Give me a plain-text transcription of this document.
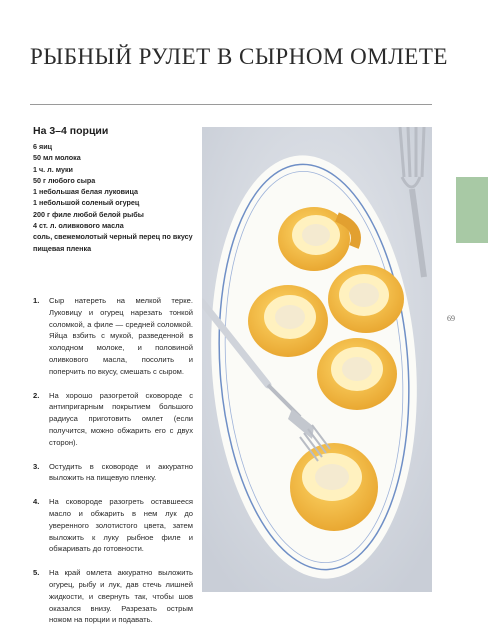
РЫБНЫЙ РУЛЕТ В СЫРНОМ ОМЛЕТЕ
На 3–4 порции
6 яиц
50 мл молока
1 ч. л. муки
50 г любого сыра
1 небольшая белая луковица
1 небольшой соленый огурец
200 г филе любой белой рыбы
4 ст. л. оливкового масла
соль, свежемолотый черный перец по вкусу
пищевая пленка
1. Сыр натереть на мелкой терке. Луковицу и огурец нарезать тонкой соломкой, а филе — средней соломкой. Яйца взбить с мукой, разведенной в холодном молоке, и половиной оливкового масла, посолить и поперчить по вкусу, смешать с сыром.
2. На хорошо разогретой сковороде с антипригарным покрытием большого радиуса приготовить омлет (если получится, можно обжарить его с двух сторон).
3. Остудить в сковороде и аккуратно выложить на пищевую пленку.
4. На сковороде разогреть оставшееся масло и обжарить в нем лук до уверенного золотистого цвета, затем выложить к луку рыбное филе и обжаривать до готовности.
5. На край омлета аккуратно выложить огурец, рыбу и лук, дав стечь лишней жидкости, и свернуть так, чтобы шов оказался внизу. Разрезать острым ножом на порции и подавать.
69
